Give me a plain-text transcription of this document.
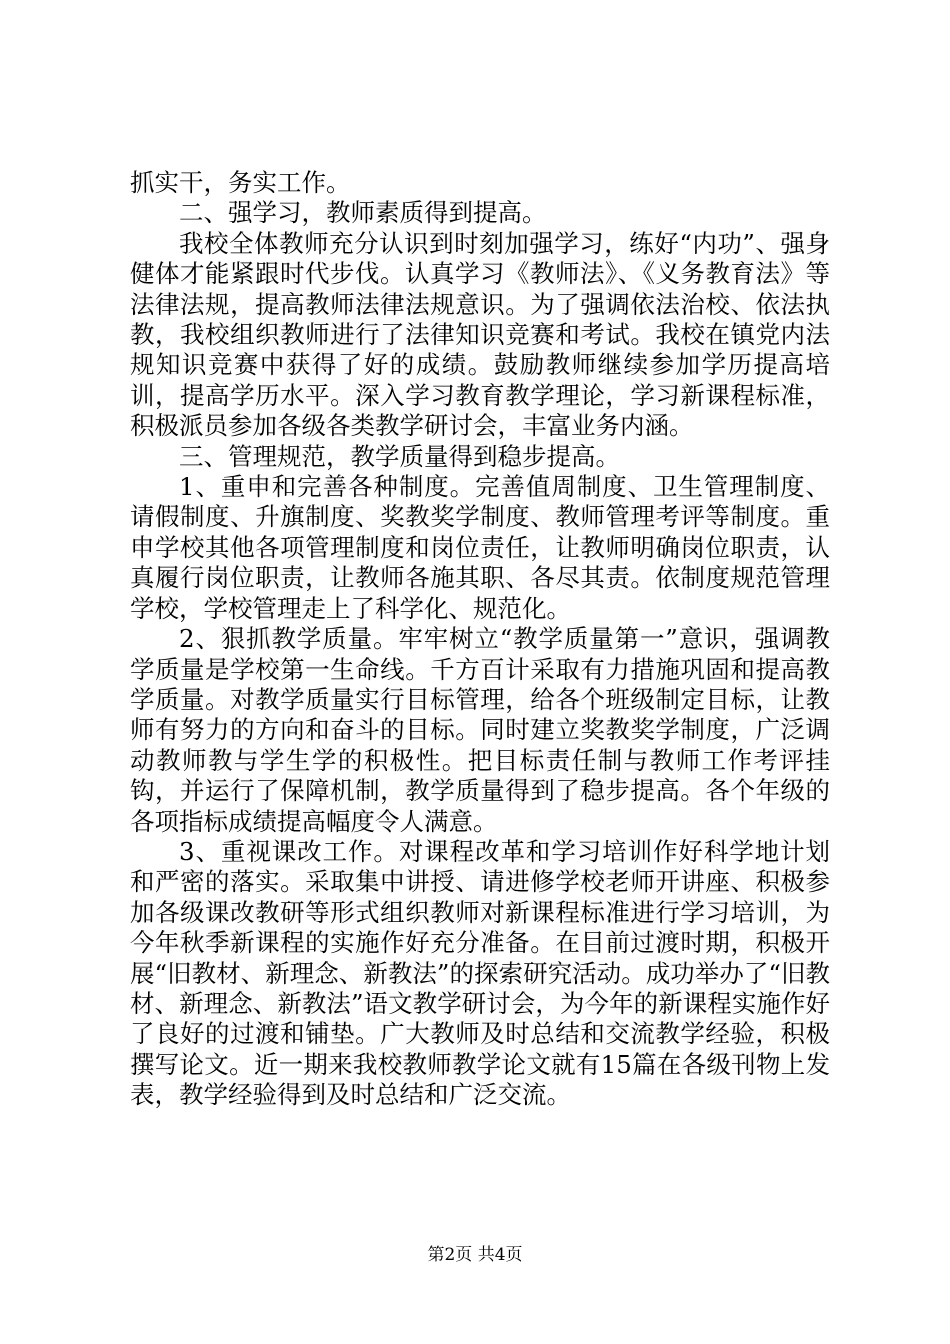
抓实干，务实工作。

二、强学习，教师素质得到提高。

我校全体教师充分认识到时刻加强学习，练好“内功”、强身健体才能紧跟时代步伐。认真学习《教师法》、《义务教育法》等法律法规，提高教师法律法规意识。为了强调依法治校、依法执教，我校组织教师进行了法律知识竞赛和考试。我校在镇党内法规知识竞赛中获得了好的成绩。鼓励教师继续参加学历提高培训，提高学历水平。深入学习教育教学理论，学习新课程标准，积极派员参加各级各类教学研讨会，丰富业务内涵。

三、管理规范，教学质量得到稳步提高。

1、重申和完善各种制度。完善值周制度、卫生管理制度、请假制度、升旗制度、奖教奖学制度、教师管理考评等制度。重申学校其他各项管理制度和岗位责任，让教师明确岗位职责，认真履行岗位职责，让教师各施其职、各尽其责。依制度规范管理学校，学校管理走上了科学化、规范化。

2、狠抓教学质量。牢牢树立“教学质量第一”意识，强调教学质量是学校第一生命线。千方百计采取有力措施巩固和提高教学质量。对教学质量实行目标管理，给各个班级制定目标，让教师有努力的方向和奋斗的目标。同时建立奖教奖学制度，广泛调动教师教与学生学的积极性。把目标责任制与教师工作考评挂钩，并运行了保障机制，教学质量得到了稳步提高。各个年级的各项指标成绩提高幅度令人满意。

3、重视课改工作。对课程改革和学习培训作好科学地计划和严密的落实。采取集中讲授、请进修学校老师开讲座、积极参加各级课改教研等形式组织教师对新课程标准进行学习培训，为今年秋季新课程的实施作好充分准备。在目前过渡时期，积极开展“旧教材、新理念、新教法”的探索研究活动。成功举办了“旧教材、新理念、新教法”语文教学研讨会，为今年的新课程实施作好了良好的过渡和铺垫。广大教师及时总结和交流教学经验，积极撰写论文。近一期来我校教师教学论文就有15篇在各级刊物上发表，教学经验得到及时总结和广泛交流。

第2页 共4页
